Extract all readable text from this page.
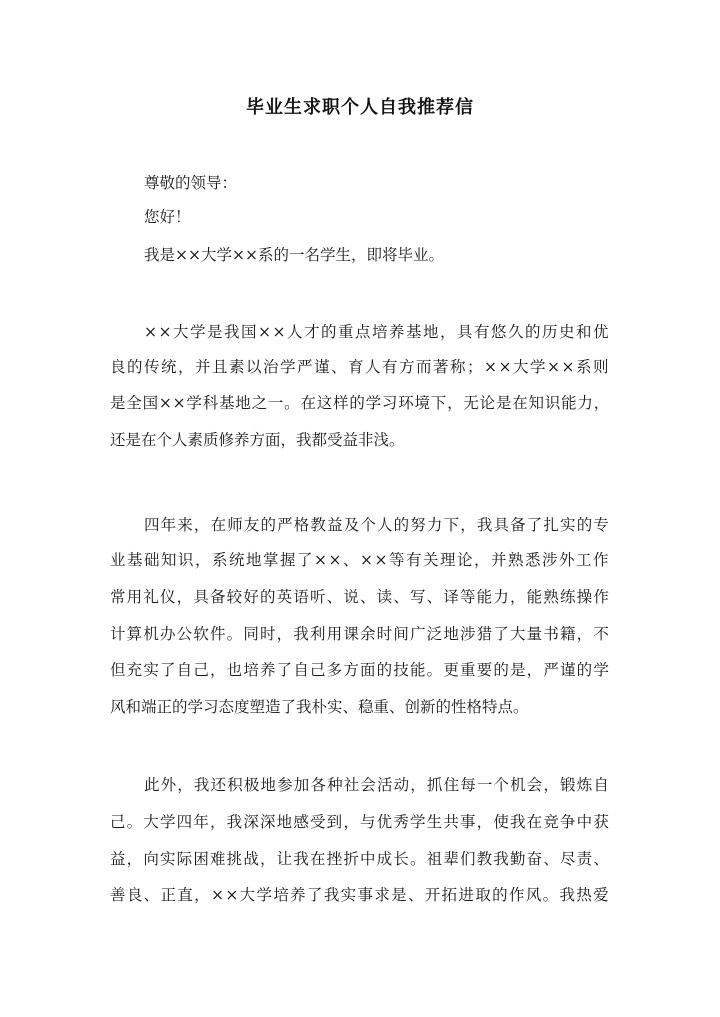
毕业生求职个人自我推荐信
尊敬的领导：
您好！
我是××大学××系的一名学生，即将毕业。
××大学是我国××人才的重点培养基地，具有悠久的历史和优
良的传统，并且素以治学严谨、育人有方而著称；××大学××系则
是全国××学科基地之一。在这样的学习环境下，无论是在知识能力，
还是在个人素质修养方面，我都受益非浅。
四年来，在师友的严格教益及个人的努力下，我具备了扎实的专
业基础知识，系统地掌握了××、××等有关理论，并熟悉涉外工作
常用礼仪，具备较好的英语听、说、读、写、译等能力，能熟练操作
计算机办公软件。同时，我利用课余时间广泛地涉猎了大量书籍，不
但充实了自己，也培养了自己多方面的技能。更重要的是，严谨的学
风和端正的学习态度塑造了我朴实、稳重、创新的性格特点。
此外，我还积极地参加各种社会活动，抓住每一个机会，锻炼自
己。大学四年，我深深地感受到，与优秀学生共事，使我在竞争中获
益，向实际困难挑战，让我在挫折中成长。祖辈们教我勤奋、尽责、
善良、正直，××大学培养了我实事求是、开拓进取的作风。我热爱
